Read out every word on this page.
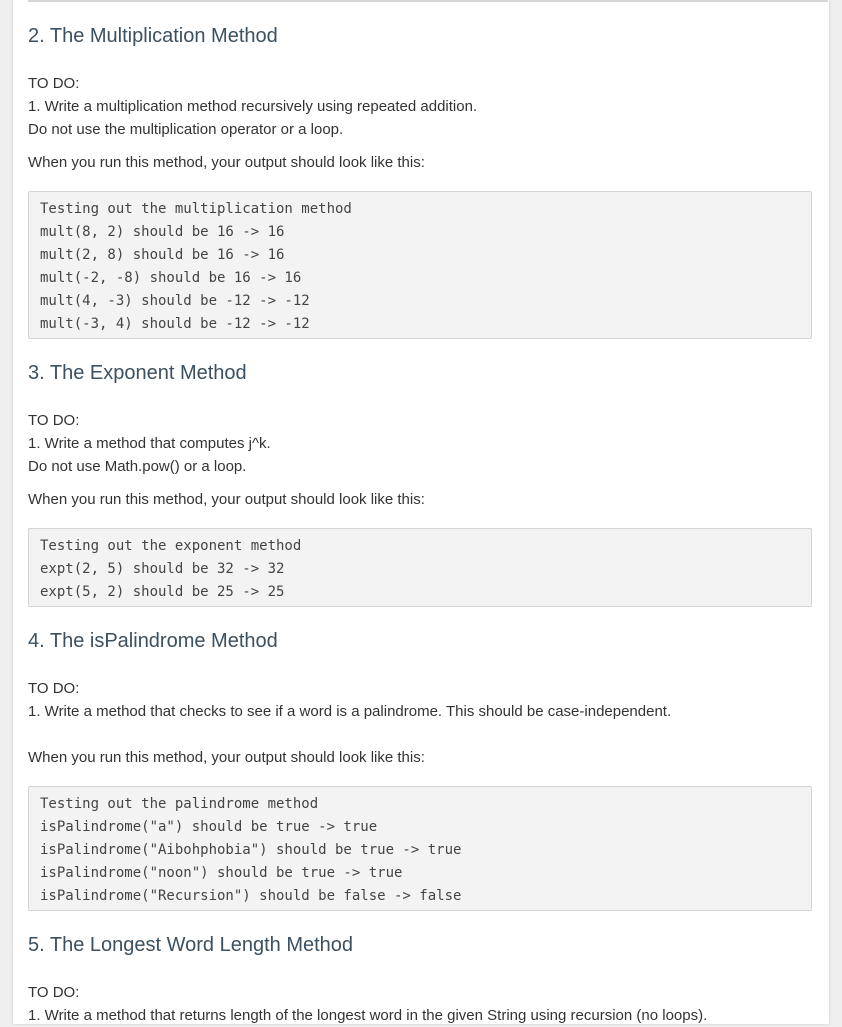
2. The Multiplication Method

TO DO:

1. Write a multiplication method recursively using repeated addition.

Do not use the multiplication operator or a loop.

When you run this method, your output should look like this:

Testing out the multiplication method
mult(8, 2) should be 16 -> 16
mult(2, 8) should be 16 -> 16
mult(-2, -8) should be 16 -> 16
mult(4, -3) should be -12 -> -12
mult(-3, 4) should be -12 -> -12
3. The Exponent Method

TO DO:

1. Write a method that computes j^k.

Do not use Math.pow() or a loop.

When you run this method, your output should look like this:

Testing out the exponent method
expt(2, 5) should be 32 -> 32
expt(5, 2) should be 25 -> 25
4. The isPalindrome Method

TO DO:

1. Write a method that checks to see if a word is a palindrome. This should be case-independent.

When you run this method, your output should look like this:

Testing out the palindrome method
isPalindrome("a") should be true -> true
isPalindrome("Aibohphobia") should be true -> true
isPalindrome("noon") should be true -> true
isPalindrome("Recursion") should be false -> false
5. The Longest Word Length Method

TO DO:

1. Write a method that returns length of the longest word in the given String using recursion (no loops).
